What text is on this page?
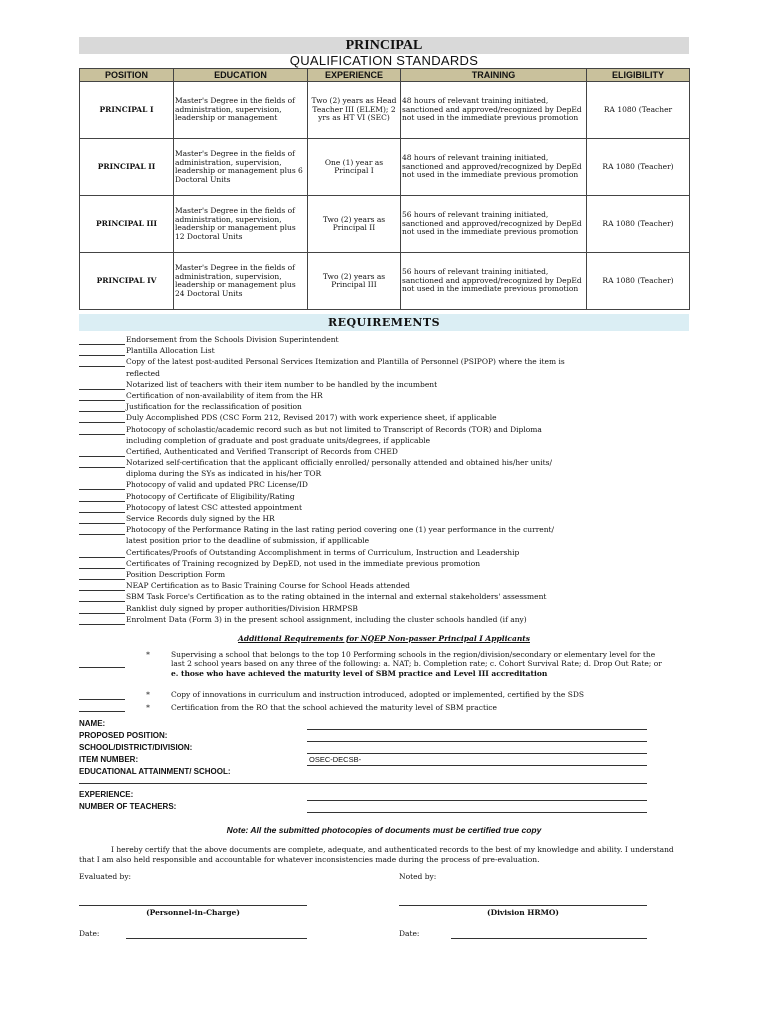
PRINCIPAL
QUALIFICATION STANDARDS
POSITION	EDUCATION	EXPERIENCE	TRAINING	ELIGIBILITY
PRINCIPAL I	Master's Degree in the fields of administration, supervision, leadership or management	Two (2) years as Head Teacher III (ELEM); 2 yrs as HT VI (SEC)	48 hours of relevant training initiated, sanctioned and approved/recognized by DepEd not used in the immediate previous promotion	RA 1080 (Teacher
PRINCIPAL II	Master's Degree in the fields of administration, supervision, leadership or management plus 6 Doctoral Units	One (1) year as Principal I	48 hours of relevant training initiated, sanctioned and approved/recognized by DepEd not used in the immediate previous promotion	RA 1080 (Teacher)
PRINCIPAL III	Master's Degree in the fields of administration, supervision, leadership or management plus 12 Doctoral Units	Two (2) years as Principal II	56 hours of relevant training initiated, sanctioned and approved/recognized by DepEd not used in the immediate previous promotion	RA 1080 (Teacher)
PRINCIPAL IV	Master's Degree in the fields of administration, supervision, leadership or management plus 24 Doctoral Units	Two (2) years as Principal III	56 hours of relevant training initiated, sanctioned and approved/recognized by DepEd not used in the immediate previous promotion	RA 1080 (Teacher)
REQUIREMENTS
Endorsement from the Schools Division Superintendent
Plantilla Allocation List
Copy of the latest post-audited Personal Services Itemization and Plantilla of Personnel (PSIPOP) where the item is
reflected
Notarized list of teachers with their item number to be handled by the incumbent
Certification of non-availability of item from the HR
Justification for the reclassification of position
Duly Accomplished PDS (CSC Form 212, Revised 2017) with work experience sheet, if applicable
Photocopy of scholastic/academic record such as but not limited to Transcript of Records (TOR) and Diploma
including completion of graduate and post graduate units/degrees, if applicable
Certified, Authenticated and Verified Transcript of Records from CHED
Notarized self-certification that the applicant officially enrolled/ personally attended and obtained his/her units/
diploma during the SYs as indicated in his/her TOR
Photocopy of valid and updated PRC License/ID
Photocopy of Certificate of Eligibility/Rating
Photocopy of latest CSC attested appointment
Service Records duly signed by the HR
Photocopy of the Performance Rating in the last rating period covering one (1) year performance in the current/
latest position prior to the deadline of submission, if appllicable
Certificates/Proofs of Outstanding Accomplishment in terms of Curriculum, Instruction and Leadership
Certificates of Training recognized by DepED, not used in the immediate previous promotion
Position Description Form
NEAP Certification as to Basic Training Course for School Heads attended
SBM Task Force's Certification as to the rating obtained in the internal and external stakeholders' assessment
Ranklist duly signed by proper authorities/Division HRMPSB
Enrolment Data (Form 3) in the present school assignment, including the cluster schools handled (if any)
Additional Requirements for NQEP Non-passer Principal I Applicants
*	Supervising a school that belongs to the top 10 Performing schools in the region/division/secondary or elementary level for the last 2 school years based on any three of the following: a. NAT; b. Completion rate; c. Cohort Survival Rate; d. Drop Out Rate; or e. those who have achieved the maturity level of SBM practice and Level III accreditation
*	Copy of innovations in curriculum and instruction introduced, adopted or implemented, certified by the SDS
*	Certification from the RO that the school achieved the maturity level of SBM practice
NAME:
PROPOSED POSITION:
SCHOOL/DISTRICT/DIVISION:
ITEM NUMBER:	OSEC-DECSB-
EDUCATIONAL ATTAINMENT/ SCHOOL:
EXPERIENCE:
NUMBER OF TEACHERS:
Note: All the submitted photocopies of documents must be certified true copy
I hereby certify that the above documents are complete, adequate, and authenticated records to the best of my knowledge and ability. I understand that I am also held responsible and accountable for whatever inconsistencies made during the process of pre-evaluation.
Evaluated by:	Noted by:
(Personnel-in-Charge)	(Division HRMO)
Date:	Date:
